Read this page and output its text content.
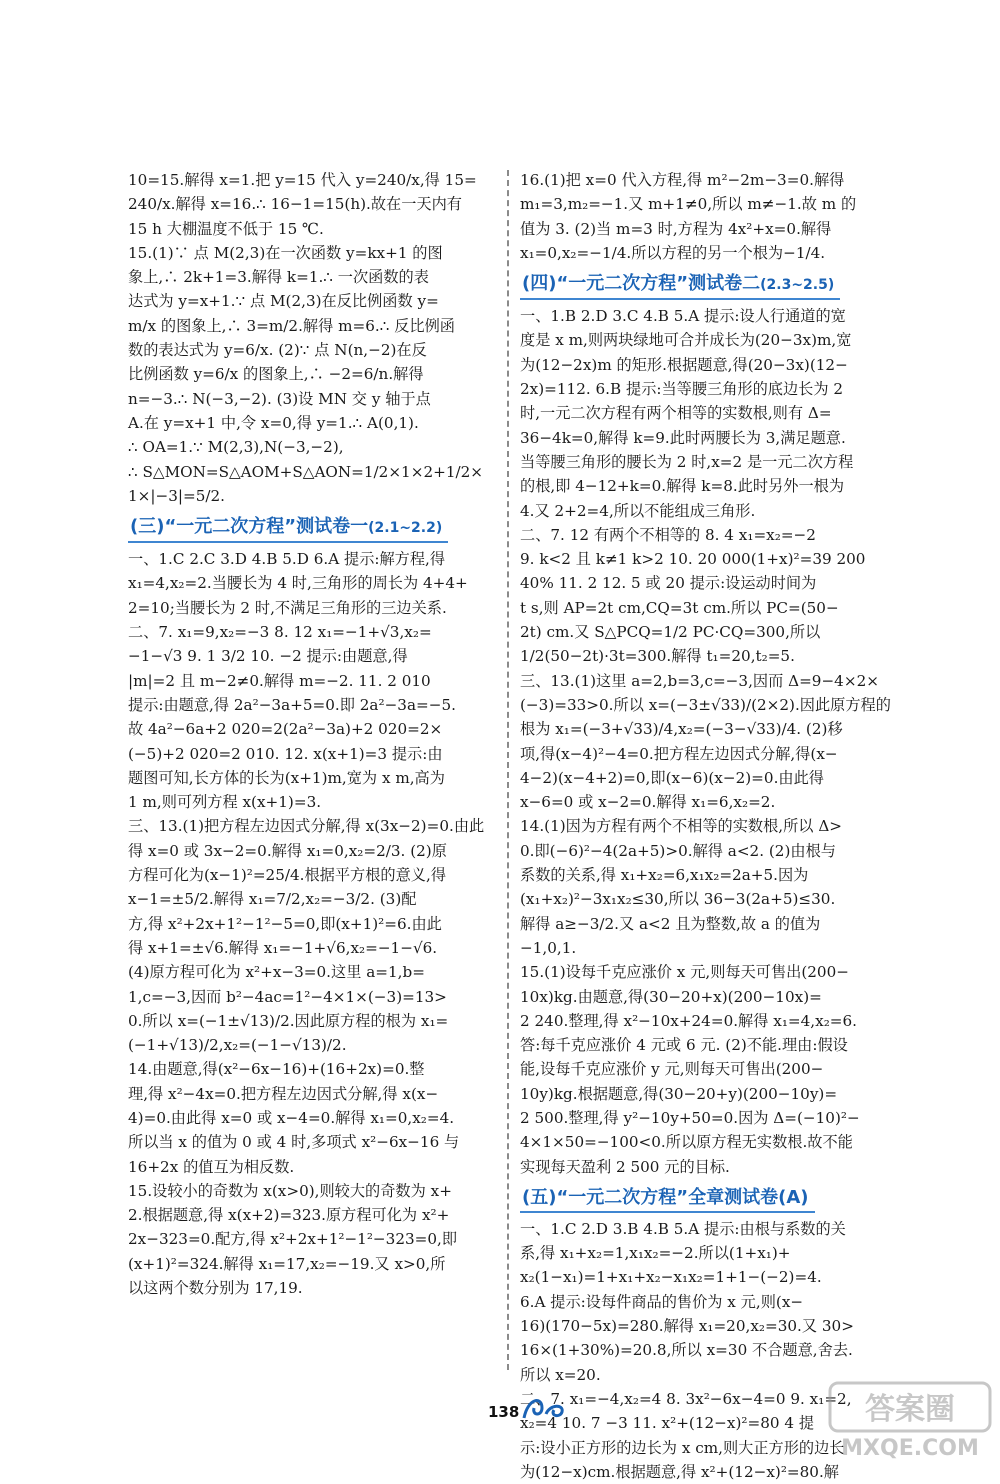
10=15.解得 x=1.把 y=15 代入 y=240/x,得 15=

240/x.解得 x=16.∴ 16−1=15(h).故在一天内有

15 h 大棚温度不低于 15 ℃.

15.(1)∵ 点 M(2,3)在一次函数 y=kx+1 的图

象上,∴ 2k+1=3.解得 k=1.∴ 一次函数的表

达式为 y=x+1.∵ 点 M(2,3)在反比例函数 y=

m/x 的图象上,∴ 3=m/2.解得 m=6.∴ 反比例函

数的表达式为 y=6/x. (2)∵ 点 N(n,−2)在反

比例函数 y=6/x 的图象上,∴ −2=6/n.解得

n=−3.∴ N(−3,−2). (3)设 MN 交 y 轴于点

A.在 y=x+1 中,令 x=0,得 y=1.∴ A(0,1).

∴ OA=1.∵ M(2,3),N(−3,−2),

∴ S△MON=S△AOM+S△AON=1/2×1×2+1/2×

1×|−3|=5/2.

(三)“一元二次方程”测试卷一(2.1~2.2)

一、1.C 2.C 3.D 4.B 5.D 6.A 提示:解方程,得

x₁=4,x₂=2.当腰长为 4 时,三角形的周长为 4+4+

2=10;当腰长为 2 时,不满足三角形的三边关系.

二、7. x₁=9,x₂=−3 8. 12 x₁=−1+√3,x₂=

−1−√3 9. 1 3/2 10. −2 提示:由题意,得

|m|=2 且 m−2≠0.解得 m=−2. 11. 2 010

提示:由题意,得 2a²−3a+5=0.即 2a²−3a=−5.

故 4a²−6a+2 020=2(2a²−3a)+2 020=2×

(−5)+2 020=2 010. 12. x(x+1)=3 提示:由

题图可知,长方体的长为(x+1)m,宽为 x m,高为

1 m,则可列方程 x(x+1)=3.

三、13.(1)把方程左边因式分解,得 x(3x−2)=0.由此

得 x=0 或 3x−2=0.解得 x₁=0,x₂=2/3. (2)原

方程可化为(x−1)²=25/4.根据平方根的意义,得

x−1=±5/2.解得 x₁=7/2,x₂=−3/2. (3)配

方,得 x²+2x+1²−1²−5=0,即(x+1)²=6.由此

得 x+1=±√6.解得 x₁=−1+√6,x₂=−1−√6.

(4)原方程可化为 x²+x−3=0.这里 a=1,b=

1,c=−3,因而 b²−4ac=1²−4×1×(−3)=13>

0.所以 x=(−1±√13)/2.因此原方程的根为 x₁=

(−1+√13)/2,x₂=(−1−√13)/2.

14.由题意,得(x²−6x−16)+(16+2x)=0.整

理,得 x²−4x=0.把方程左边因式分解,得 x(x−

4)=0.由此得 x=0 或 x−4=0.解得 x₁=0,x₂=4.

所以当 x 的值为 0 或 4 时,多项式 x²−6x−16 与

16+2x 的值互为相反数.

15.设较小的奇数为 x(x>0),则较大的奇数为 x+

2.根据题意,得 x(x+2)=323.原方程可化为 x²+

2x−323=0.配方,得 x²+2x+1²−1²−323=0,即

(x+1)²=324.解得 x₁=17,x₂=−19.又 x>0,所

以这两个数分别为 17,19.

16.(1)把 x=0 代入方程,得 m²−2m−3=0.解得

m₁=3,m₂=−1.又 m+1≠0,所以 m≠−1.故 m 的

值为 3. (2)当 m=3 时,方程为 4x²+x=0.解得

x₁=0,x₂=−1/4.所以方程的另一个根为−1/4.

(四)“一元二次方程”测试卷二(2.3~2.5)

一、1.B 2.D 3.C 4.B 5.A 提示:设人行通道的宽

度是 x m,则两块绿地可合并成长为(20−3x)m,宽

为(12−2x)m 的矩形.根据题意,得(20−3x)(12−

2x)=112. 6.B 提示:当等腰三角形的底边长为 2

时,一元二次方程有两个相等的实数根,则有 Δ=

36−4k=0,解得 k=9.此时两腰长为 3,满足题意.

当等腰三角形的腰长为 2 时,x=2 是一元二次方程

的根,即 4−12+k=0.解得 k=8.此时另外一根为

4.又 2+2=4,所以不能组成三角形.

二、7. 12 有两个不相等的 8. 4 x₁=x₂=−2

9. k<2 且 k≠1 k>2 10. 20 000(1+x)²=39 200

40% 11. 2 12. 5 或 20 提示:设运动时间为

t s,则 AP=2t cm,CQ=3t cm.所以 PC=(50−

2t) cm.又 S△PCQ=1/2 PC·CQ=300,所以

1/2(50−2t)·3t=300.解得 t₁=20,t₂=5.

三、13.(1)这里 a=2,b=3,c=−3,因而 Δ=9−4×2×

(−3)=33>0.所以 x=(−3±√33)/(2×2).因此原方程的

根为 x₁=(−3+√33)/4,x₂=(−3−√33)/4. (2)移

项,得(x−4)²−4=0.把方程左边因式分解,得(x−

4−2)(x−4+2)=0,即(x−6)(x−2)=0.由此得

x−6=0 或 x−2=0.解得 x₁=6,x₂=2.

14.(1)因为方程有两个不相等的实数根,所以 Δ>

0.即(−6)²−4(2a+5)>0.解得 a<2. (2)由根与

系数的关系,得 x₁+x₂=6,x₁x₂=2a+5.因为

(x₁+x₂)²−3x₁x₂≤30,所以 36−3(2a+5)≤30.

解得 a≥−3/2.又 a<2 且为整数,故 a 的值为

−1,0,1.

15.(1)设每千克应涨价 x 元,则每天可售出(200−

10x)kg.由题意,得(30−20+x)(200−10x)=

2 240.整理,得 x²−10x+24=0.解得 x₁=4,x₂=6.

答:每千克应涨价 4 元或 6 元. (2)不能.理由:假设

能,设每千克应涨价 y 元,则每天可售出(200−

10y)kg.根据题意,得(30−20+y)(200−10y)=

2 500.整理,得 y²−10y+50=0.因为 Δ=(−10)²−

4×1×50=−100<0.所以原方程无实数根.故不能

实现每天盈利 2 500 元的目标.

(五)“一元二次方程”全章测试卷(A)

一、1.C 2.D 3.B 4.B 5.A 提示:由根与系数的关

系,得 x₁+x₂=1,x₁x₂=−2.所以(1+x₁)+

x₂(1−x₁)=1+x₁+x₂−x₁x₂=1+1−(−2)=4.

6.A 提示:设每件商品的售价为 x 元,则(x−

16)(170−5x)=280.解得 x₁=20,x₂=30.又 30>

16×(1+30%)=20.8,所以 x=30 不合题意,舍去.

所以 x=20.

二、7. x₁=−4,x₂=4 8. 3x²−6x−4=0 9. x₁=2,

x₂=4 10. 7 −3 11. x²+(12−x)²=80 4 提

示:设小正方形的边长为 x cm,则大正方形的边长

为(12−x)cm.根据题意,得 x²+(12−x)²=80.解

138	答案圈
MXQE.COM
